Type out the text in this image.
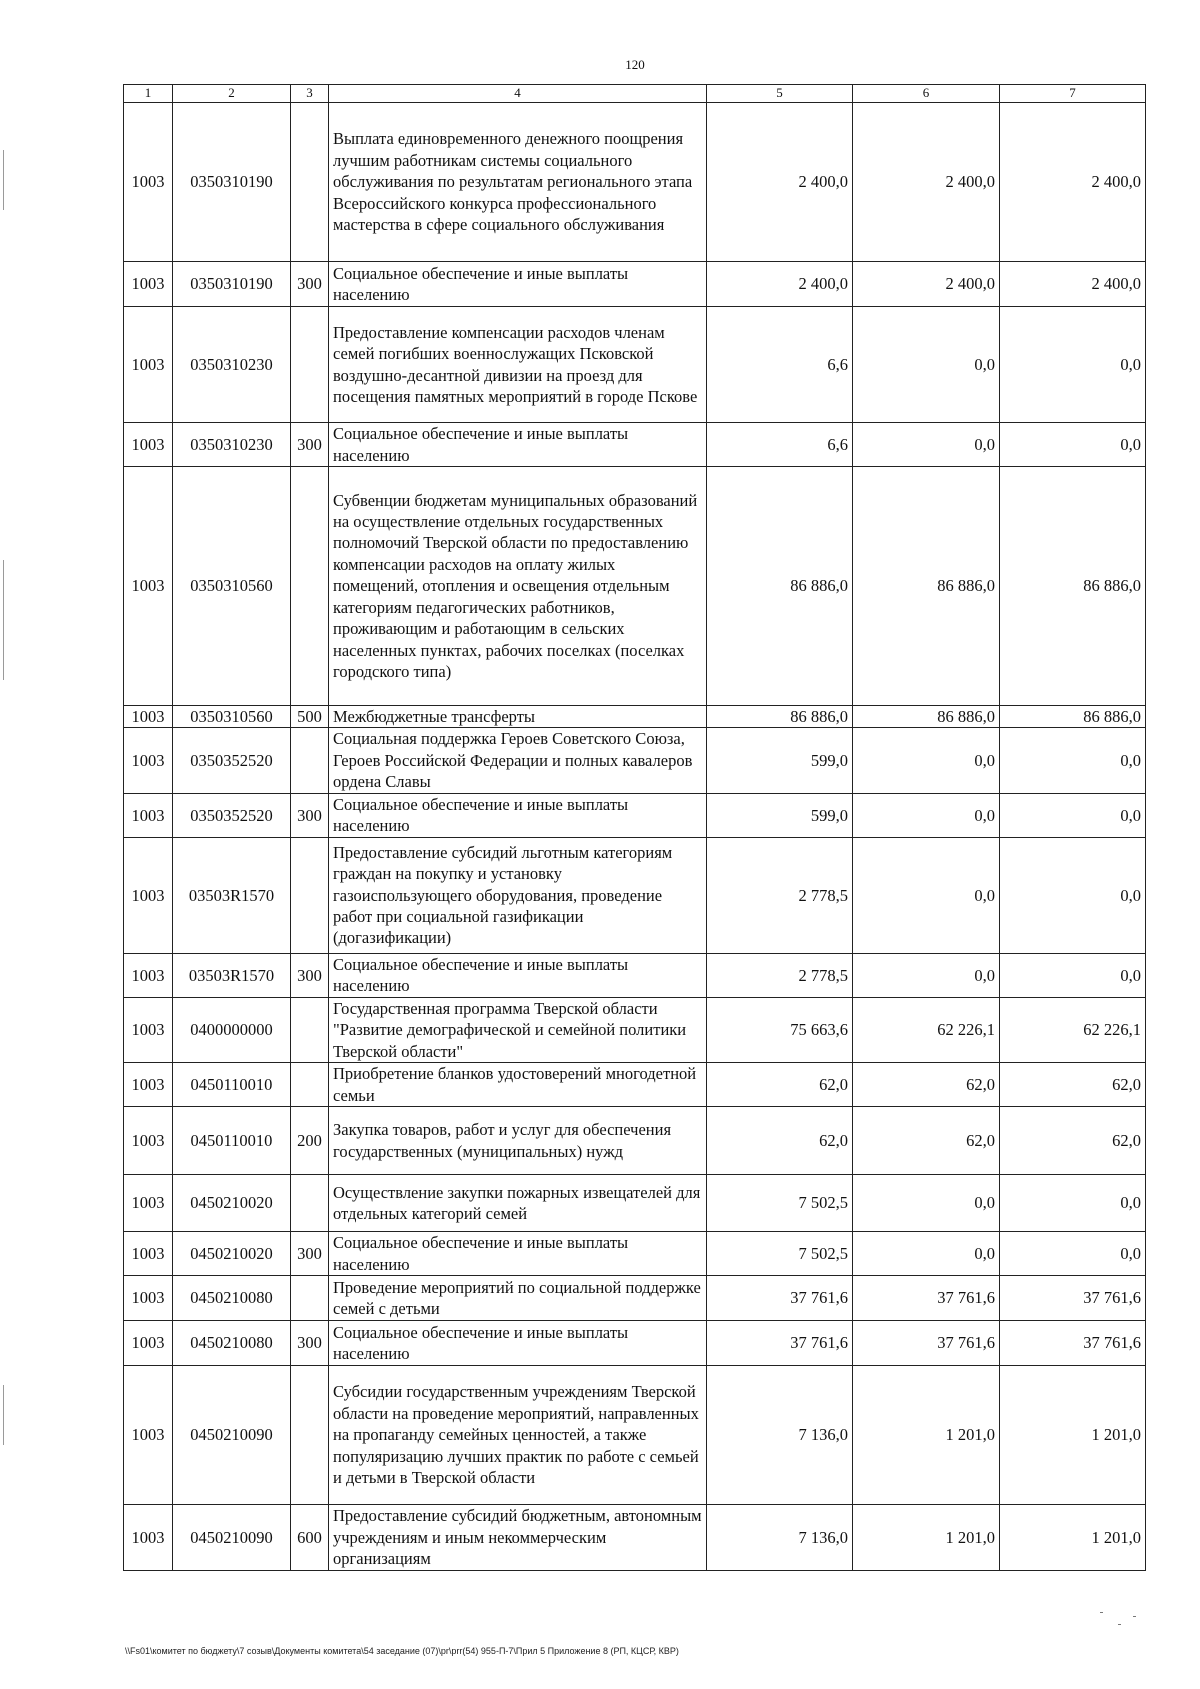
120
1	2	3	4	5	6	7
1003	0350310190		Выплата единовременного денежного поощрения лучшим работникам системы социального обслуживания по результатам регионального этапа Всероссийского конкурса профессионального мастерства в сфере социального обслуживания	2 400,0	2 400,0	2 400,0
1003	0350310190	300	Социальное обеспечение и иные выплаты населению	2 400,0	2 400,0	2 400,0
1003	0350310230		Предоставление компенсации расходов членам семей погибших военнослужащих Псковской воздушно-десантной дивизии на проезд для посещения памятных мероприятий в городе Пскове	6,6	0,0	0,0
1003	0350310230	300	Социальное обеспечение и иные выплаты населению	6,6	0,0	0,0
1003	0350310560		Субвенции бюджетам муниципальных образований на осуществление отдельных государственных полномочий Тверской области по предоставлению компенсации расходов на оплату жилых помещений, отопления и освещения отдельным категориям педагогических работников, проживающим и работающим в сельских населенных пунктах, рабочих поселках (поселках городского типа)	86 886,0	86 886,0	86 886,0
1003	0350310560	500	Межбюджетные трансферты	86 886,0	86 886,0	86 886,0
1003	0350352520		Социальная поддержка Героев Советского Союза, Героев Российской Федерации и полных кавалеров ордена Славы	599,0	0,0	0,0
1003	0350352520	300	Социальное обеспечение и иные выплаты населению	599,0	0,0	0,0
1003	03503R1570		Предоставление субсидий льготным категориям граждан на покупку и установку газоиспользующего оборудования, проведение работ при социальной газификации (догазификации)	2 778,5	0,0	0,0
1003	03503R1570	300	Социальное обеспечение и иные выплаты населению	2 778,5	0,0	0,0
1003	0400000000		Государственная программа Тверской области "Развитие демографической и семейной политики Тверской области"	75 663,6	62 226,1	62 226,1
1003	0450110010		Приобретение бланков удостоверений многодетной семьи	62,0	62,0	62,0
1003	0450110010	200	Закупка товаров, работ и услуг для обеспечения государственных (муниципальных) нужд	62,0	62,0	62,0
1003	0450210020		Осуществление закупки пожарных извещателей для отдельных категорий семей	7 502,5	0,0	0,0
1003	0450210020	300	Социальное обеспечение и иные выплаты населению	7 502,5	0,0	0,0
1003	0450210080		Проведение мероприятий по социальной поддержке семей с детьми	37 761,6	37 761,6	37 761,6
1003	0450210080	300	Социальное обеспечение и иные выплаты населению	37 761,6	37 761,6	37 761,6
1003	0450210090		Субсидии государственным учреждениям Тверской области на проведение мероприятий, направленных на пропаганду семейных ценностей, а также популяризацию лучших практик по работе с семьей и детьми в Тверской области	7 136,0	1 201,0	1 201,0
1003	0450210090	600	Предоставление субсидий бюджетным, автономным учреждениям и иным некоммерческим организациям	7 136,0	1 201,0	1 201,0
\\Fs01\комитет по бюджету\7 созыв\Документы комитета\54 заседание (07)\pr\prr(54) 955-П-7\Прил 5 Приложение 8 (РП, КЦСР, КВР)
